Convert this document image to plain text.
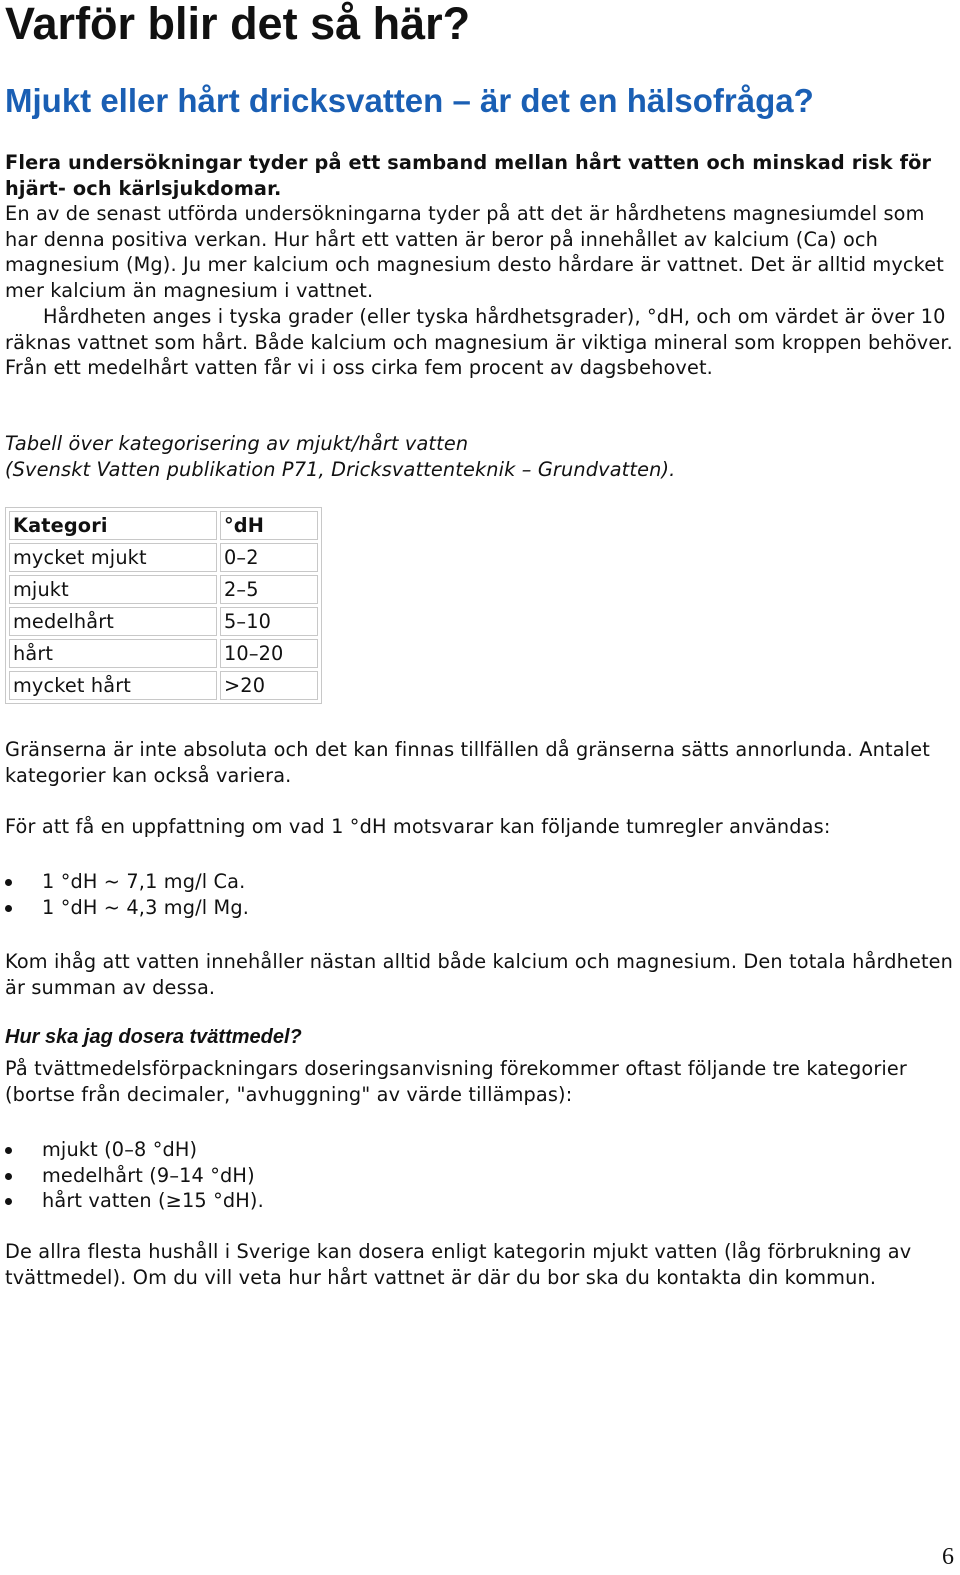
Varför blir det så här?
Mjukt eller hårt dricksvatten – är det en hälsofråga?

Flera undersökningar tyder på ett samband mellan hårt vatten och minskad risk för hjärt- och kärlsjukdomar.

En av de senast utförda undersökningarna tyder på att det är hårdhetens magnesiumdel som har denna positiva verkan. Hur hårt ett vatten är beror på innehållet av kalcium (Ca) och magnesium (Mg). Ju mer kalcium och magnesium desto hårdare är vattnet. Det är alltid mycket mer kalcium än magnesium i vattnet.

Hårdheten anges i tyska grader (eller tyska hårdhetsgrader), °dH, och om värdet är över 10 räknas vattnet som hårt. Både kalcium och magnesium är viktiga mineral som kroppen behöver. Från ett medelhårt vatten får vi i oss cirka fem procent av dagsbehovet.

Tabell över kategorisering av mjukt/hårt vatten
(Svenskt Vatten publikation P71, Dricksvattenteknik – Grundvatten).

Kategori	°dH
mycket mjukt	0–2
mjukt	2–5
medelhårt	5–10
hårt	10–20
mycket hårt	>20

Gränserna är inte absoluta och det kan finnas tillfällen då gränserna sätts annorlunda. Antalet kategorier kan också variera.

För att få en uppfattning om vad 1 °dH motsvarar kan följande tumregler användas:

1 °dH ~ 7,1 mg/l Ca.
1 °dH ~ 4,3 mg/l Mg.

Kom ihåg att vatten innehåller nästan alltid både kalcium och magnesium. Den totala hårdheten är summan av dessa.

Hur ska jag dosera tvättmedel?

På tvättmedelsförpackningars doseringsanvisning förekommer oftast följande tre kategorier (bortse från decimaler, "avhuggning" av värde tillämpas):

mjukt (0–8 °dH)
medelhårt (9–14 °dH)
hårt vatten (≥15 °dH).

De allra flesta hushåll i Sverige kan dosera enligt kategorin mjukt vatten (låg förbrukning av tvättmedel). Om du vill veta hur hårt vattnet är där du bor ska du kontakta din kommun.

6
